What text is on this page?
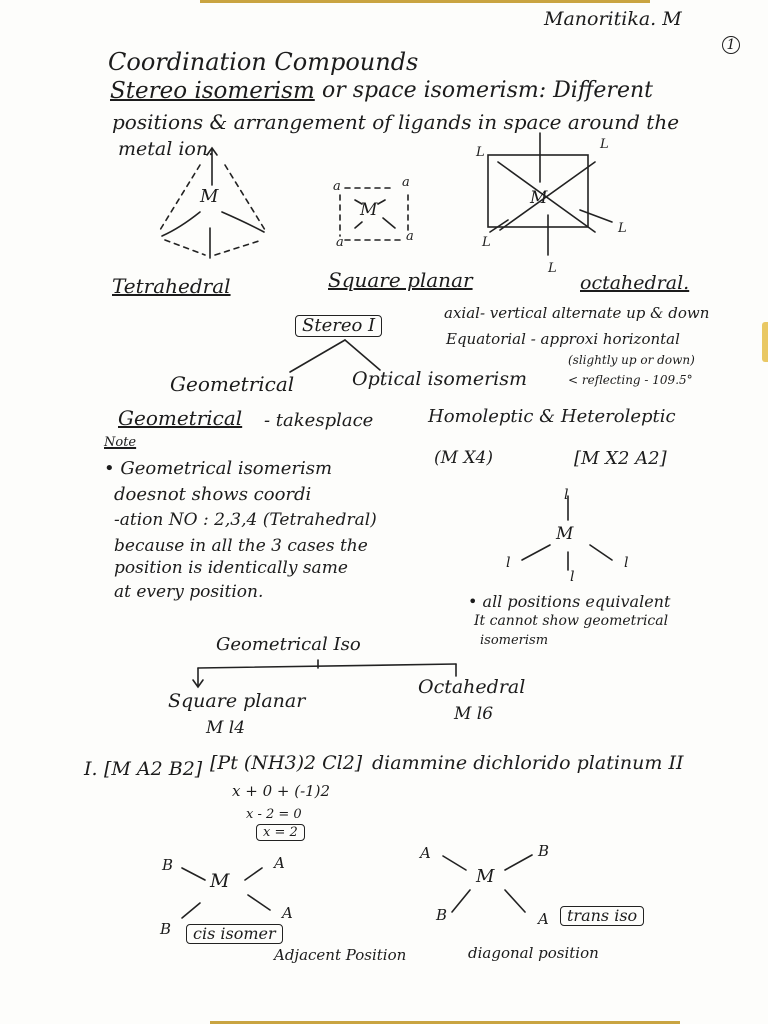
Manoritika. M
1
Coordination Compounds
Stereo isomerism or space isomerism: Different
positions & arrangement of ligands in space around the
metal ion.
M	a	a
M
a	a
M
L
L
L
L
L
Tetrahedral	Square planar	octahedral.
Stereo I
axial- vertical alternate up & down
Equatorial - approxi horizontal
(slightly up or down)
< reflecting - 109.5°
Geometrical	Optical isomerism
Geometrical - takesplace	Homoleptic & Heteroleptic
(M X4)	[M X2 A2]
Note
• Geometrical isomerism
doesnot shows coordi
-ation NO : 2,3,4 (Tetrahedral)
because in all the 3 cases the
position is identically same
at every position.
l
M
l	l
l
• all positions equivalent
It cannot show geometrical
isomerism
Geometrical Iso
Square planar
M l4
Octahedral
M l6
I. [M A2 B2] [Pt (NH3)2 Cl2] diammine dichlorido platinum II
x + 0 + (-1)2
x - 2 = 0
x = 2
B	A
M
A
B	cis isomer
Adjacent Position
A	B
M
B	A	trans iso
diagonal position
